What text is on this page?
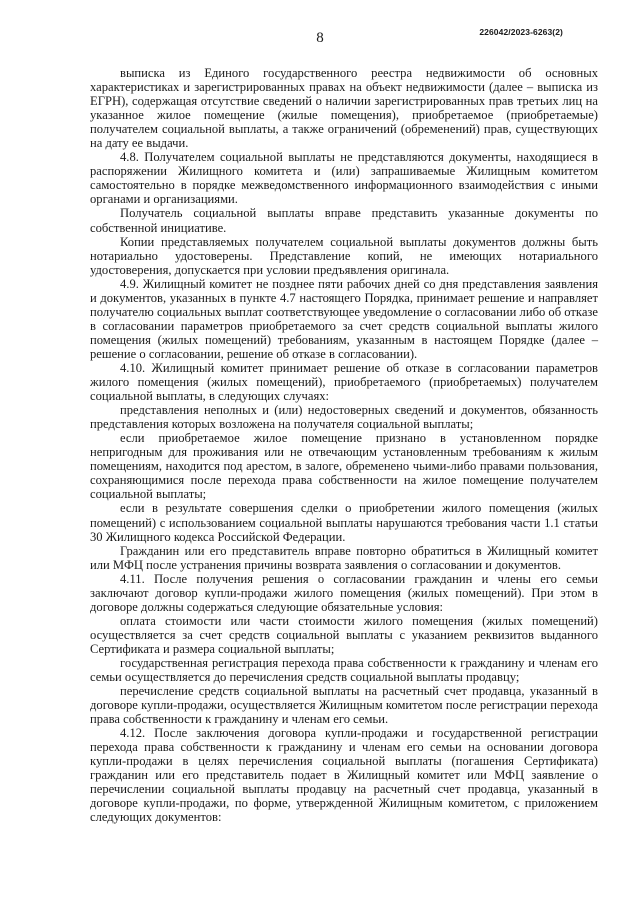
8	226042/2023-6263(2)

выписка из Единого государственного реестра недвижимости об основных характеристиках и зарегистрированных правах на объект недвижимости (далее – выписка из ЕГРН), содержащая отсутствие сведений о наличии зарегистрированных прав третьих лиц на указанное жилое помещение (жилые помещения), приобретаемое (приобретаемые) получателем социальной выплаты, а также ограничений (обременений) прав, существующих на дату ее выдачи.

4.8. Получателем социальной выплаты не представляются документы, находящиеся в распоряжении Жилищного комитета и (или) запрашиваемые Жилищным комитетом самостоятельно в порядке межведомственного информационного взаимодействия с иными органами и организациями.

Получатель социальной выплаты вправе представить указанные документы по собственной инициативе.

Копии представляемых получателем социальной выплаты документов должны быть нотариально удостоверены. Представление копий, не имеющих нотариального удостоверения, допускается при условии предъявления оригинала.

4.9. Жилищный комитет не позднее пяти рабочих дней со дня представления заявления и документов, указанных в пункте 4.7 настоящего Порядка, принимает решение и направляет получателю социальных выплат соответствующее уведомление о согласовании либо об отказе в согласовании параметров приобретаемого за счет средств социальной выплаты жилого помещения (жилых помещений) требованиям, указанным в настоящем Порядке (далее – решение о согласовании, решение об отказе в согласовании).

4.10. Жилищный комитет принимает решение об отказе в согласовании параметров жилого помещения (жилых помещений), приобретаемого (приобретаемых) получателем социальной выплаты, в следующих случаях:

представления неполных и (или) недостоверных сведений и документов, обязанность представления которых возложена на получателя социальной выплаты;

если приобретаемое жилое помещение признано в установленном порядке непригодным для проживания или не отвечающим установленным требованиям к жилым помещениям, находится под арестом, в залоге, обременено чьими-либо правами пользования, сохраняющимися после перехода права собственности на жилое помещение получателем социальной выплаты;

если в результате совершения сделки о приобретении жилого помещения (жилых помещений) с использованием социальной выплаты нарушаются требования части 1.1 статьи 30 Жилищного кодекса Российской Федерации.

Гражданин или его представитель вправе повторно обратиться в Жилищный комитет или МФЦ после устранения причины возврата заявления о согласовании и документов.

4.11. После получения решения о согласовании гражданин и члены его семьи заключают договор купли-продажи жилого помещения (жилых помещений). При этом в договоре должны содержаться следующие обязательные условия:

оплата стоимости или части стоимости жилого помещения (жилых помещений) осуществляется за счет средств социальной выплаты с указанием реквизитов выданного Сертификата и размера социальной выплаты;

государственная регистрация перехода права собственности к гражданину и членам его семьи осуществляется до перечисления средств социальной выплаты продавцу;

перечисление средств социальной выплаты на расчетный счет продавца, указанный в договоре купли-продажи, осуществляется Жилищным комитетом после регистрации перехода права собственности к гражданину и членам его семьи.

4.12. После заключения договора купли-продажи и государственной регистрации перехода права собственности к гражданину и членам его семьи на основании договора купли-продажи в целях перечисления социальной выплаты (погашения Сертификата) гражданин или его представитель подает в Жилищный комитет или МФЦ заявление о перечислении социальной выплаты продавцу на расчетный счет продавца, указанный в договоре купли-продажи, по форме, утвержденной Жилищным комитетом, с приложением следующих документов:
